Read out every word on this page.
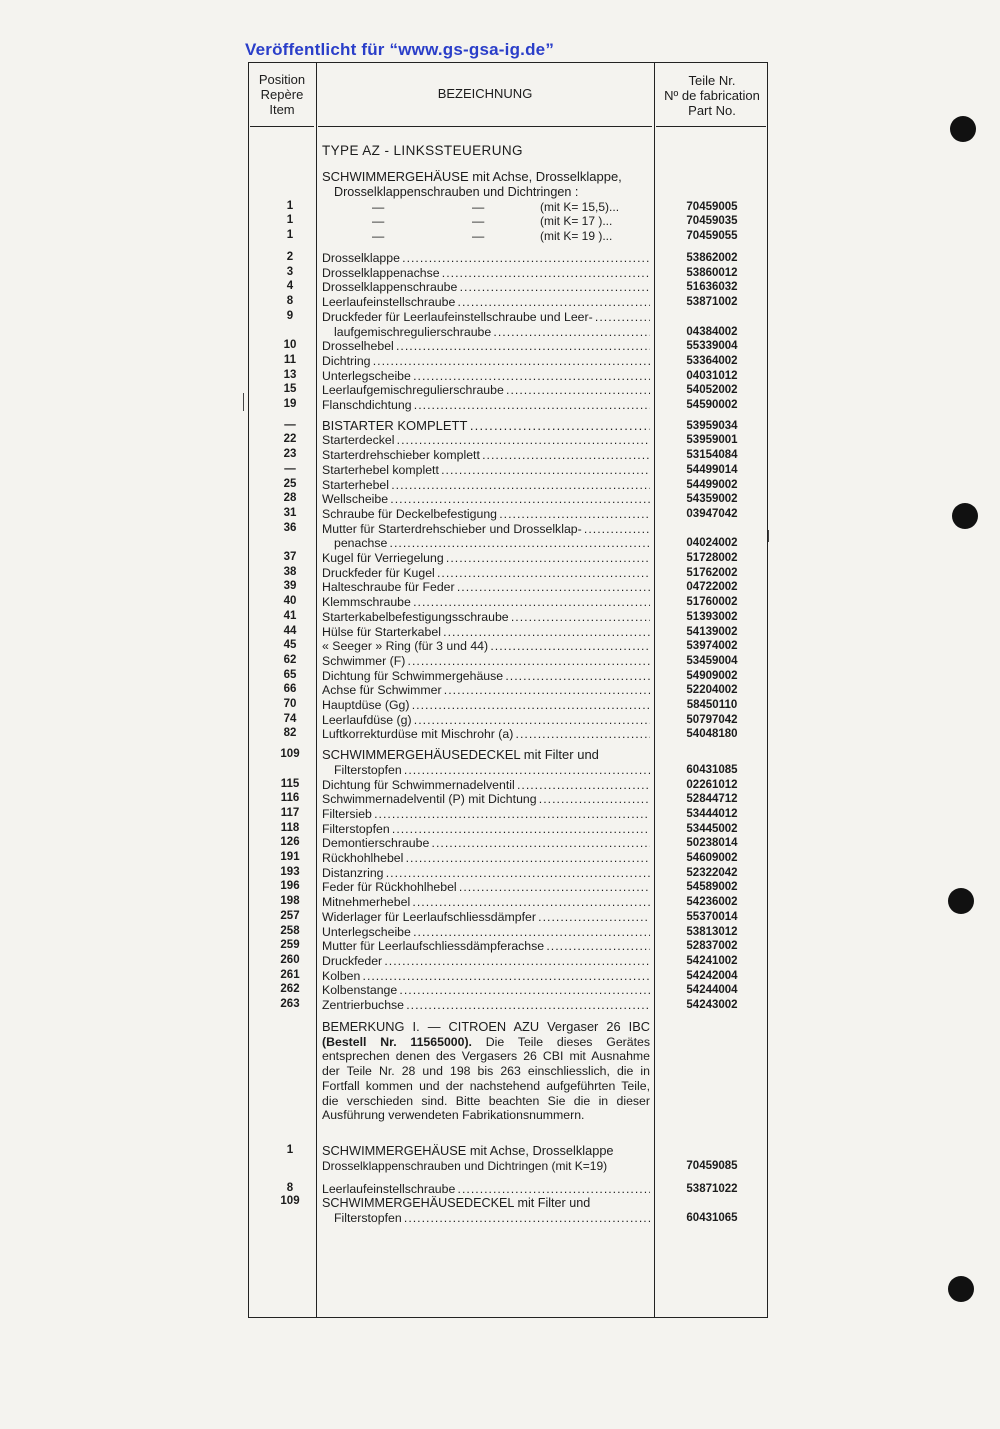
Veröffentlicht für “www.gs-gsa-ig.de”
Position
Repère
Item
BEZEICHNUNG
Teile Nr.
Nº de fabrication
Part No.
TYPE AZ - LINKSSTEUERUNG
SCHWIMMERGEHÄUSE mit Achse, Drosselklappe,
Drosselklappenschrauben und Dichtringen :
1	—	—	(mit K= 15,5)...	70459005
1	—	—	(mit K= 17 )...	70459035
1	—	—	(mit K= 19 )...	70459055
2	Drosselklappe . . .	53862002
3	Drosselklappenachse . . .	53860012
4	Drosselklappenschraube . . .	51636032
8	Leerlaufeinstellschraube . . .	53871002
9	Druckfeder für Leerlaufeinstellschraube und Leer- . . .
laufgemischregulierschraube . . .	04384002
10	Drosselhebel . . .	55339004
11	Dichtring . . .	53364002
13	Unterlegscheibe . . .	04031012
15	Leerlaufgemischregulierschraube . . .	54052002
19	Flanschdichtung . . .	54590002
—	BISTARTER KOMPLETT . . .	53959034
22	Starterdeckel . . .	53959001
23	Starterdrehschieber komplett . . .	53154084
—	Starterhebel komplett . . .	54499014
25	Starterhebel . . .	54499002
28	Wellscheibe . . .	54359002
31	Schraube für Deckelbefestigung . . .	03947042
36	Mutter für Starterdrehschieber und Drosselklap- . . .
penachse . . .	04024002
37	Kugel für Verriegelung . . .	51728002
38	Druckfeder für Kugel . . .	51762002
39	Halteschraube für Feder . . .	04722002
40	Klemmschraube . . .	51760002
41	Starterkabelbefestigungsschraube . . .	51393002
44	Hülse für Starterkabel . . .	54139002
45	« Seeger » Ring (für 3 und 44) . . .	53974002
62	Schwimmer (F) . . .	53459004
65	Dichtung für Schwimmergehäuse . . .	54909002
66	Achse für Schwimmer . . .	52204002
70	Hauptdüse (Gg) . . .	58450110
74	Leerlaufdüse (g) . . .	50797042
82	Luftkorrekturdüse mit Mischrohr (a) . . .	54048180
109	SCHWIMMERGEHÄUSEDECKEL mit Filter und
Filterstopfen . . .	60431085
115	Dichtung für Schwimmernadelventil . . .	02261012
116	Schwimmernadelventil (P) mit Dichtung . . .	52844712
117	Filtersieb . . .	53444012
118	Filterstopfen . . .	53445002
126	Demontierschraube . . .	50238014
191	Rückhohlhebel . . .	54609002
193	Distanzring . . .	52322042
196	Feder für Rückhohlhebel . . .	54589002
198	Mitnehmerhebel . . .	54236002
257	Widerlager für Leerlaufschliessdämpfer . . .	55370014
258	Unterlegscheibe . . .	53813012
259	Mutter für Leerlaufschliessdämpferachse . . .	52837002
260	Druckfeder . . .	54241002
261	Kolben . . .	54242004
262	Kolbenstange . . .	54244004
263	Zentrierbuchse . . .	54243002
BEMERKUNG I. — CITROEN AZU Vergaser 26 IBC (Bestell Nr. 11565000). Die Teile dieses Gerätes entsprechen denen des Vergasers 26 CBI mit Ausnahme der Teile Nr. 28 und 198 bis 263 einschliesslich, die in Fortfall kommen und der nachstehend aufgeführten Teile, die verschieden sind. Bitte beachten Sie die in dieser Ausführung verwendeten Fabrikationsnummern.
1	SCHWIMMERGEHÄUSE mit Achse, Drosselklappe
Drosselklappenschrauben und Dichtringen (mit K=19)	70459085
8	Leerlaufeinstellschraube . . .	53871022
109	SCHWIMMERGEHÄUSEDECKEL mit Filter und
Filterstopfen . . .	60431065
